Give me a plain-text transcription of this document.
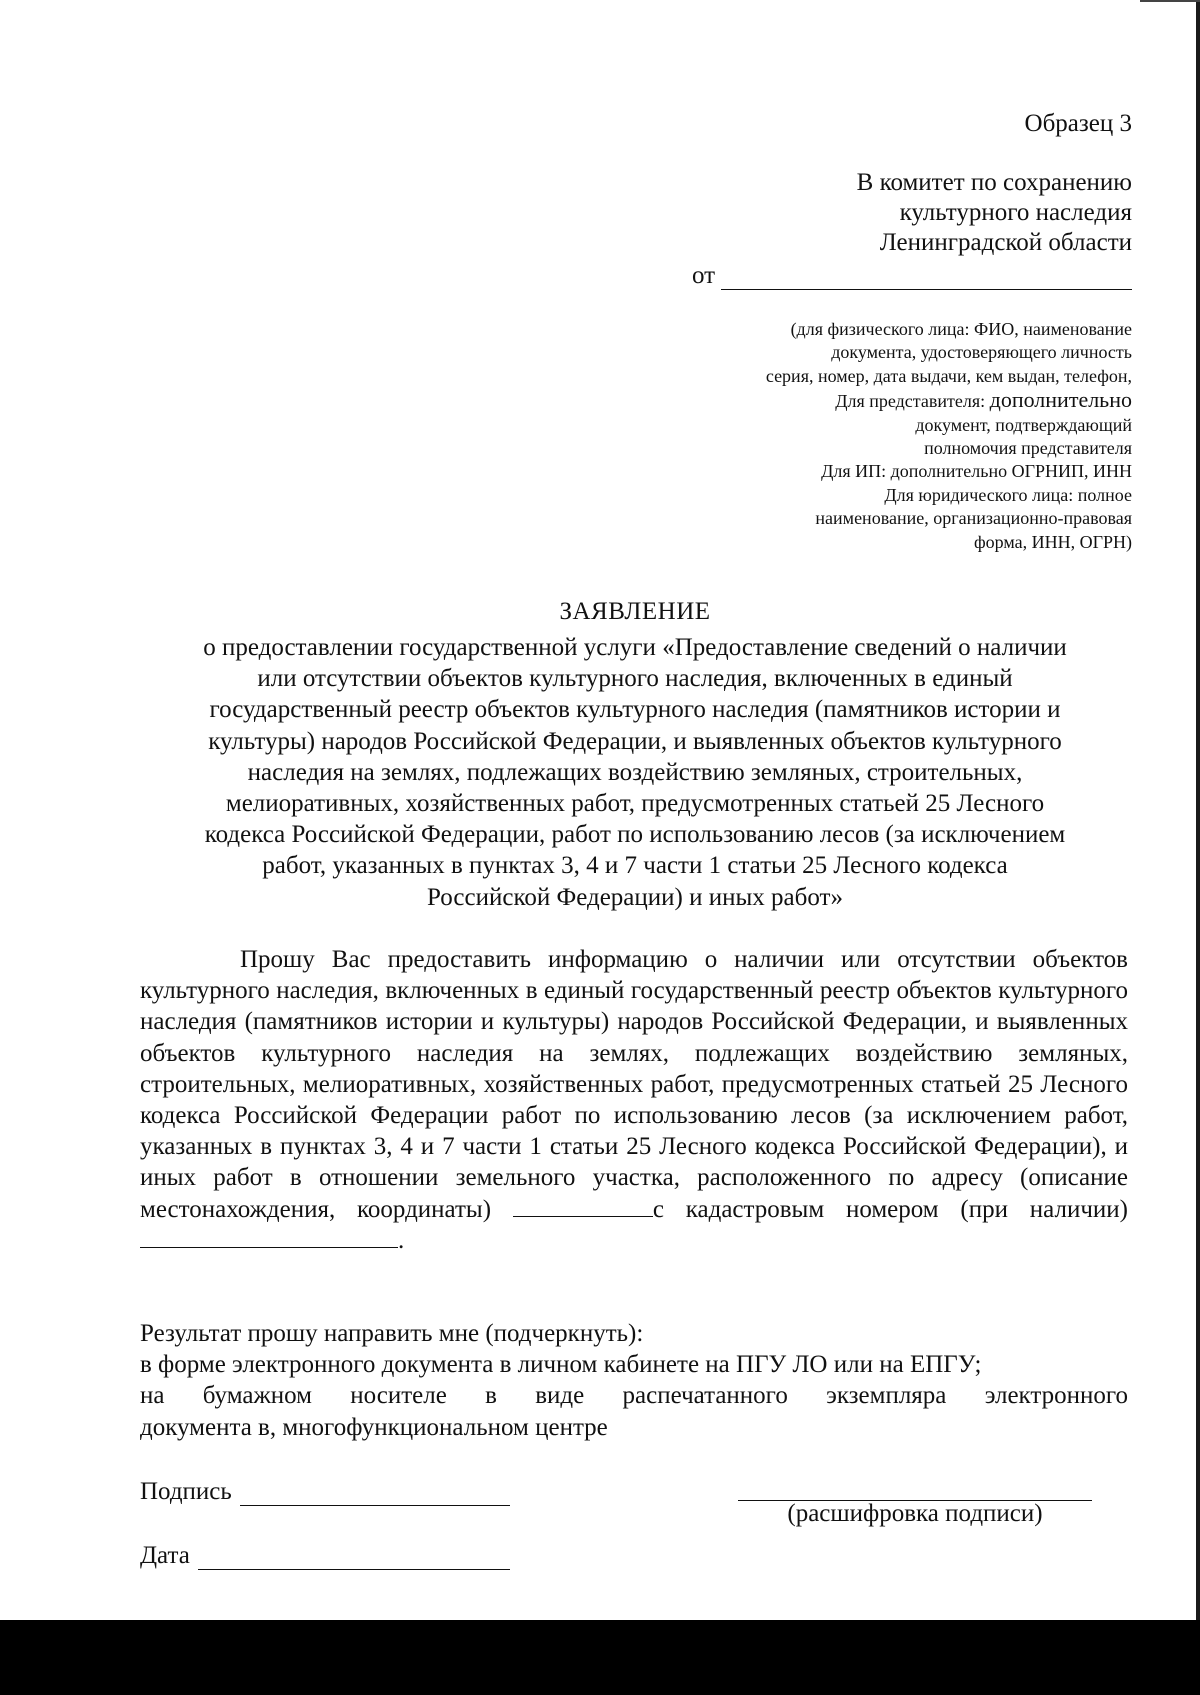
Образец 3
В комитет по сохранению
культурного наследия
Ленинградской области
от
(для физического лица: ФИО, наименование
документа, удостоверяющего личность
серия, номер, дата выдачи, кем выдан, телефон,
Для представителя: дополнительно
документ, подтверждающий
полномочия представителя
Для ИП: дополнительно ОГРНИП, ИНН
Для юридического лица: полное
наименование, организационно-правовая
форма, ИНН, ОГРН)
ЗАЯВЛЕНИЕ
о предоставлении государственной услуги «Предоставление сведений о наличии
или отсутствии объектов культурного наследия, включенных в единый
государственный реестр объектов культурного наследия (памятников истории и
культуры) народов Российской Федерации, и выявленных объектов культурного
наследия на землях, подлежащих воздействию земляных, строительных,
мелиоративных, хозяйственных работ, предусмотренных статьей 25 Лесного
кодекса Российской Федерации, работ по использованию лесов (за исключением
работ, указанных в пунктах 3, 4 и 7 части 1 статьи 25 Лесного кодекса
Российской Федерации) и иных работ»

Прошу Вас предоставить информацию о наличии или отсутствии объектов культурного наследия, включенных в единый государственный реестр объектов культурного наследия (памятников истории и культуры) народов Российской Федерации, и выявленных объектов культурного наследия на землях, подлежащих воздействию земляных, строительных, мелиоративных, хозяйственных работ, предусмотренных статьей 25 Лесного кодекса Российской Федерации работ по использованию лесов (за исключением работ, указанных в пунктах 3, 4 и 7 части 1 статьи 25 Лесного кодекса Российской Федерации), и иных работ в отношении земельного участка, расположенного по адресу (описание местонахождения, координаты)	с кадастровым номером (при наличии) .

Результат прошу направить мне (подчеркнуть):
в форме электронного документа в личном кабинете на ПГУ ЛО или на ЕПГУ;
на бумажном носителе в виде распечатанного экземпляра электронного
документа в, многофункциональном центре
Подпись
(расшифровка подписи)
Дата
